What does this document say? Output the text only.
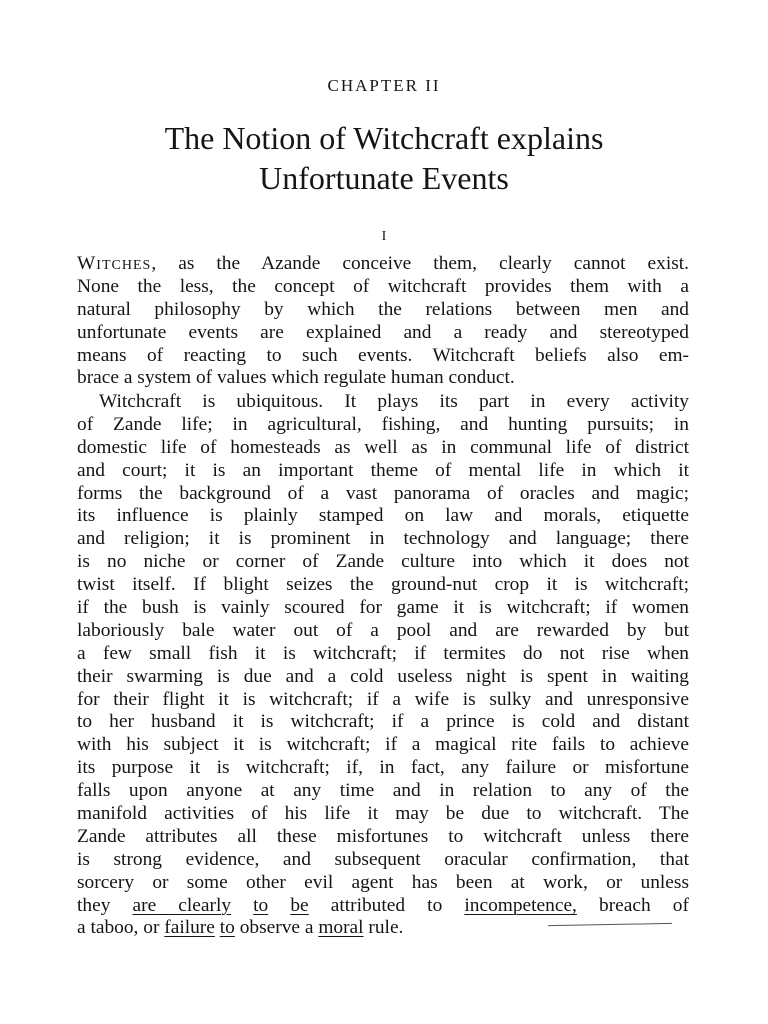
CHAPTER II
The Notion of Witchcraft explains
Unfortunate Events
I
Witches, as the Azande conceive them, clearly cannot exist.
None the less, the concept of witchcraft provides them with a
natural philosophy by which the relations between men and
unfortunate events are explained and a ready and stereotyped
means of reacting to such events. Witchcraft beliefs also em-
brace a system of values which regulate human conduct.
Witchcraft is ubiquitous. It plays its part in every activity
of Zande life; in agricultural, fishing, and hunting pursuits; in
domestic life of homesteads as well as in communal life of district
and court; it is an important theme of mental life in which it
forms the background of a vast panorama of oracles and magic;
its influence is plainly stamped on law and morals, etiquette
and religion; it is prominent in technology and language; there
is no niche or corner of Zande culture into which it does not
twist itself. If blight seizes the ground-nut crop it is witchcraft;
if the bush is vainly scoured for game it is witchcraft; if women
laboriously bale water out of a pool and are rewarded by but
a few small fish it is witchcraft; if termites do not rise when
their swarming is due and a cold useless night is spent in waiting
for their flight it is witchcraft; if a wife is sulky and unresponsive
to her husband it is witchcraft; if a prince is cold and distant
with his subject it is witchcraft; if a magical rite fails to achieve
its purpose it is witchcraft; if, in fact, any failure or misfortune
falls upon anyone at any time and in relation to any of the
manifold activities of his life it may be due to witchcraft. The
Zande attributes all these misfortunes to witchcraft unless there
is strong evidence, and subsequent oracular confirmation, that
sorcery or some other evil agent has been at work, or unless
they are clearly to be attributed to incompetence, breach of
a taboo, or failure to observe a moral rule.
